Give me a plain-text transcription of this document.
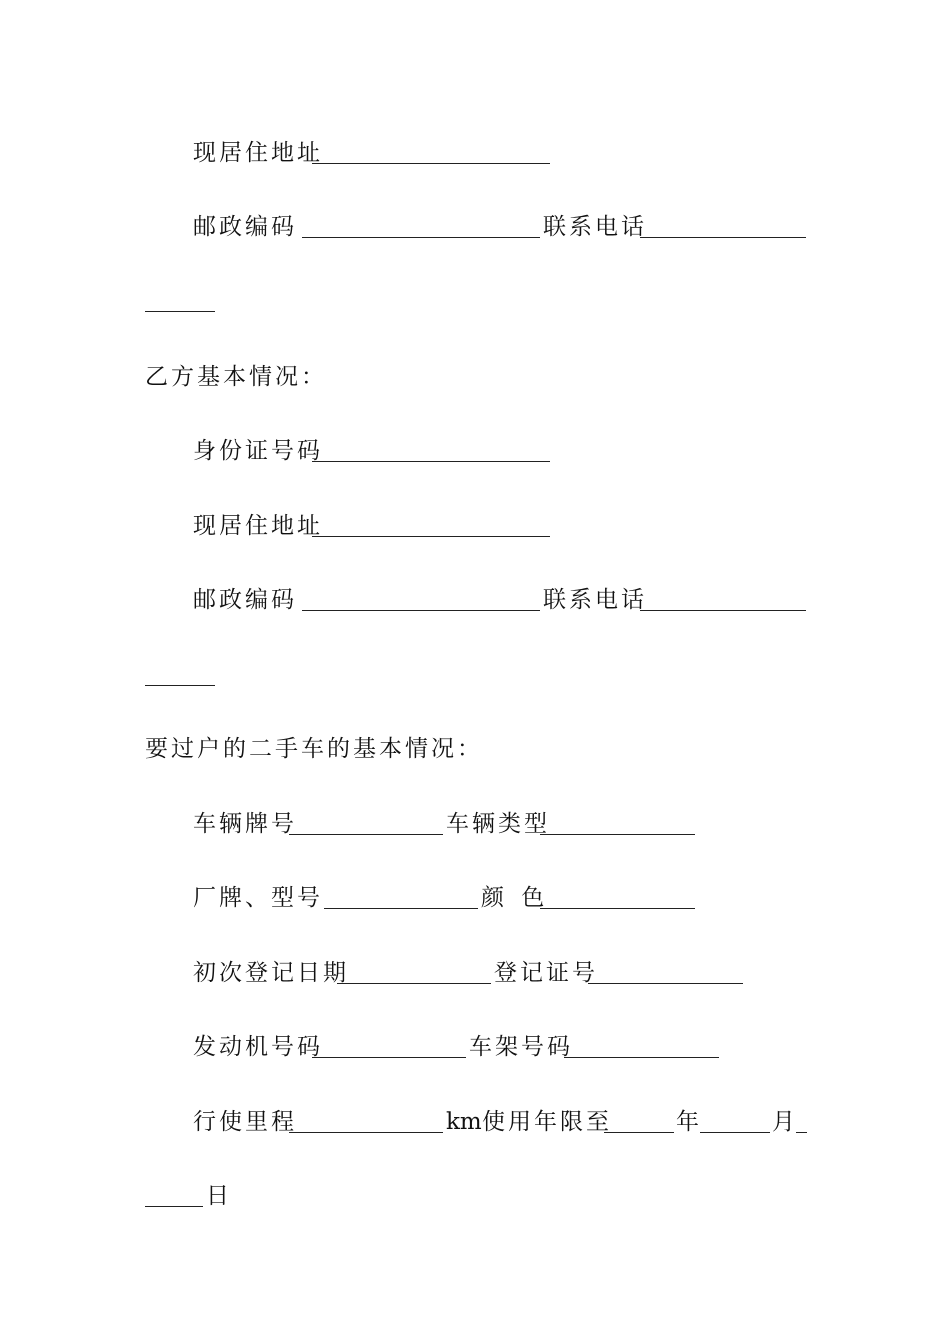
现居住地址
邮政编码	联系电话
乙方基本情况：
身份证号码
现居住地址
邮政编码	联系电话
要过户的二手车的基本情况：
车辆牌号	车辆类型
厂牌、型号	颜 色
初次登记日期	登记证号
发动机号码	车架号码
行使里程	km 使用年限至	年	月
日
